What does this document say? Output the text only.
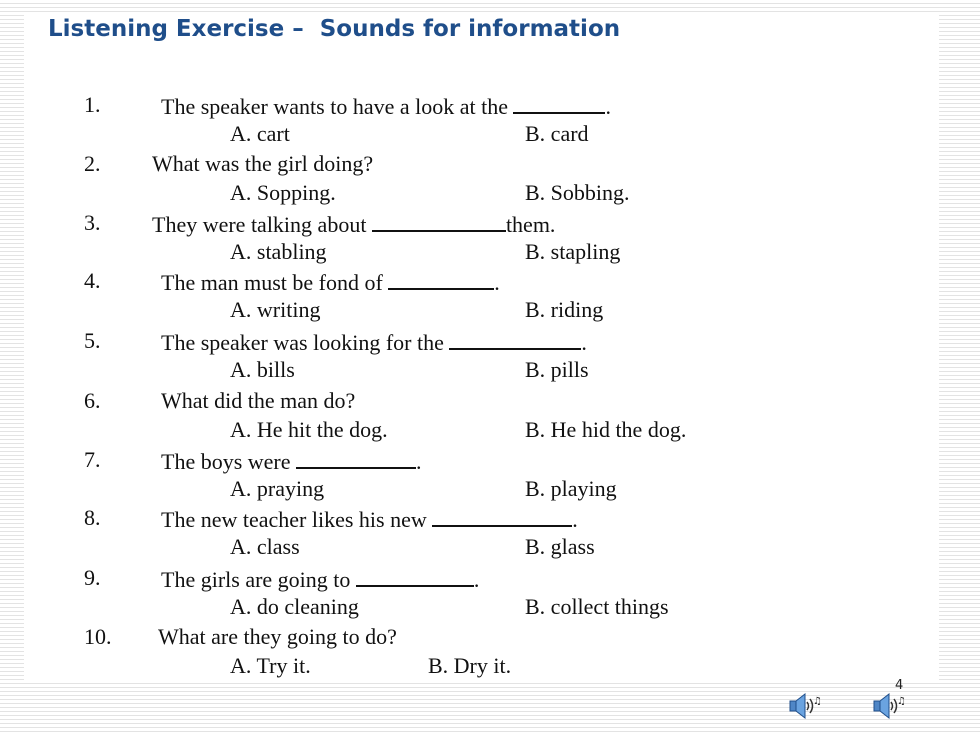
Listening Exercise – Sounds for information
1.	The speaker wants to have a look at the	.
A. cart	B. card
2. What was the girl doing?
A. Sopping.	B. Sobbing.
3. They were talking about	them.
A. stabling	B. stapling
4.	The man must be fond of	.
A. writing	B. riding
5.	The speaker was looking for the	.
A. bills	B. pills
6.	What did the man do?
A. He hit the dog.	B. He hid the dog.
7.	The boys were	.
A. praying	B. playing
8.	The new teacher likes his new	.
A. class	B. glass
9.	The girls are going to	.
A. do cleaning	B. collect things
10. What are they going to do?
A. Try it.	B. Dry it.
4
♫	♫
